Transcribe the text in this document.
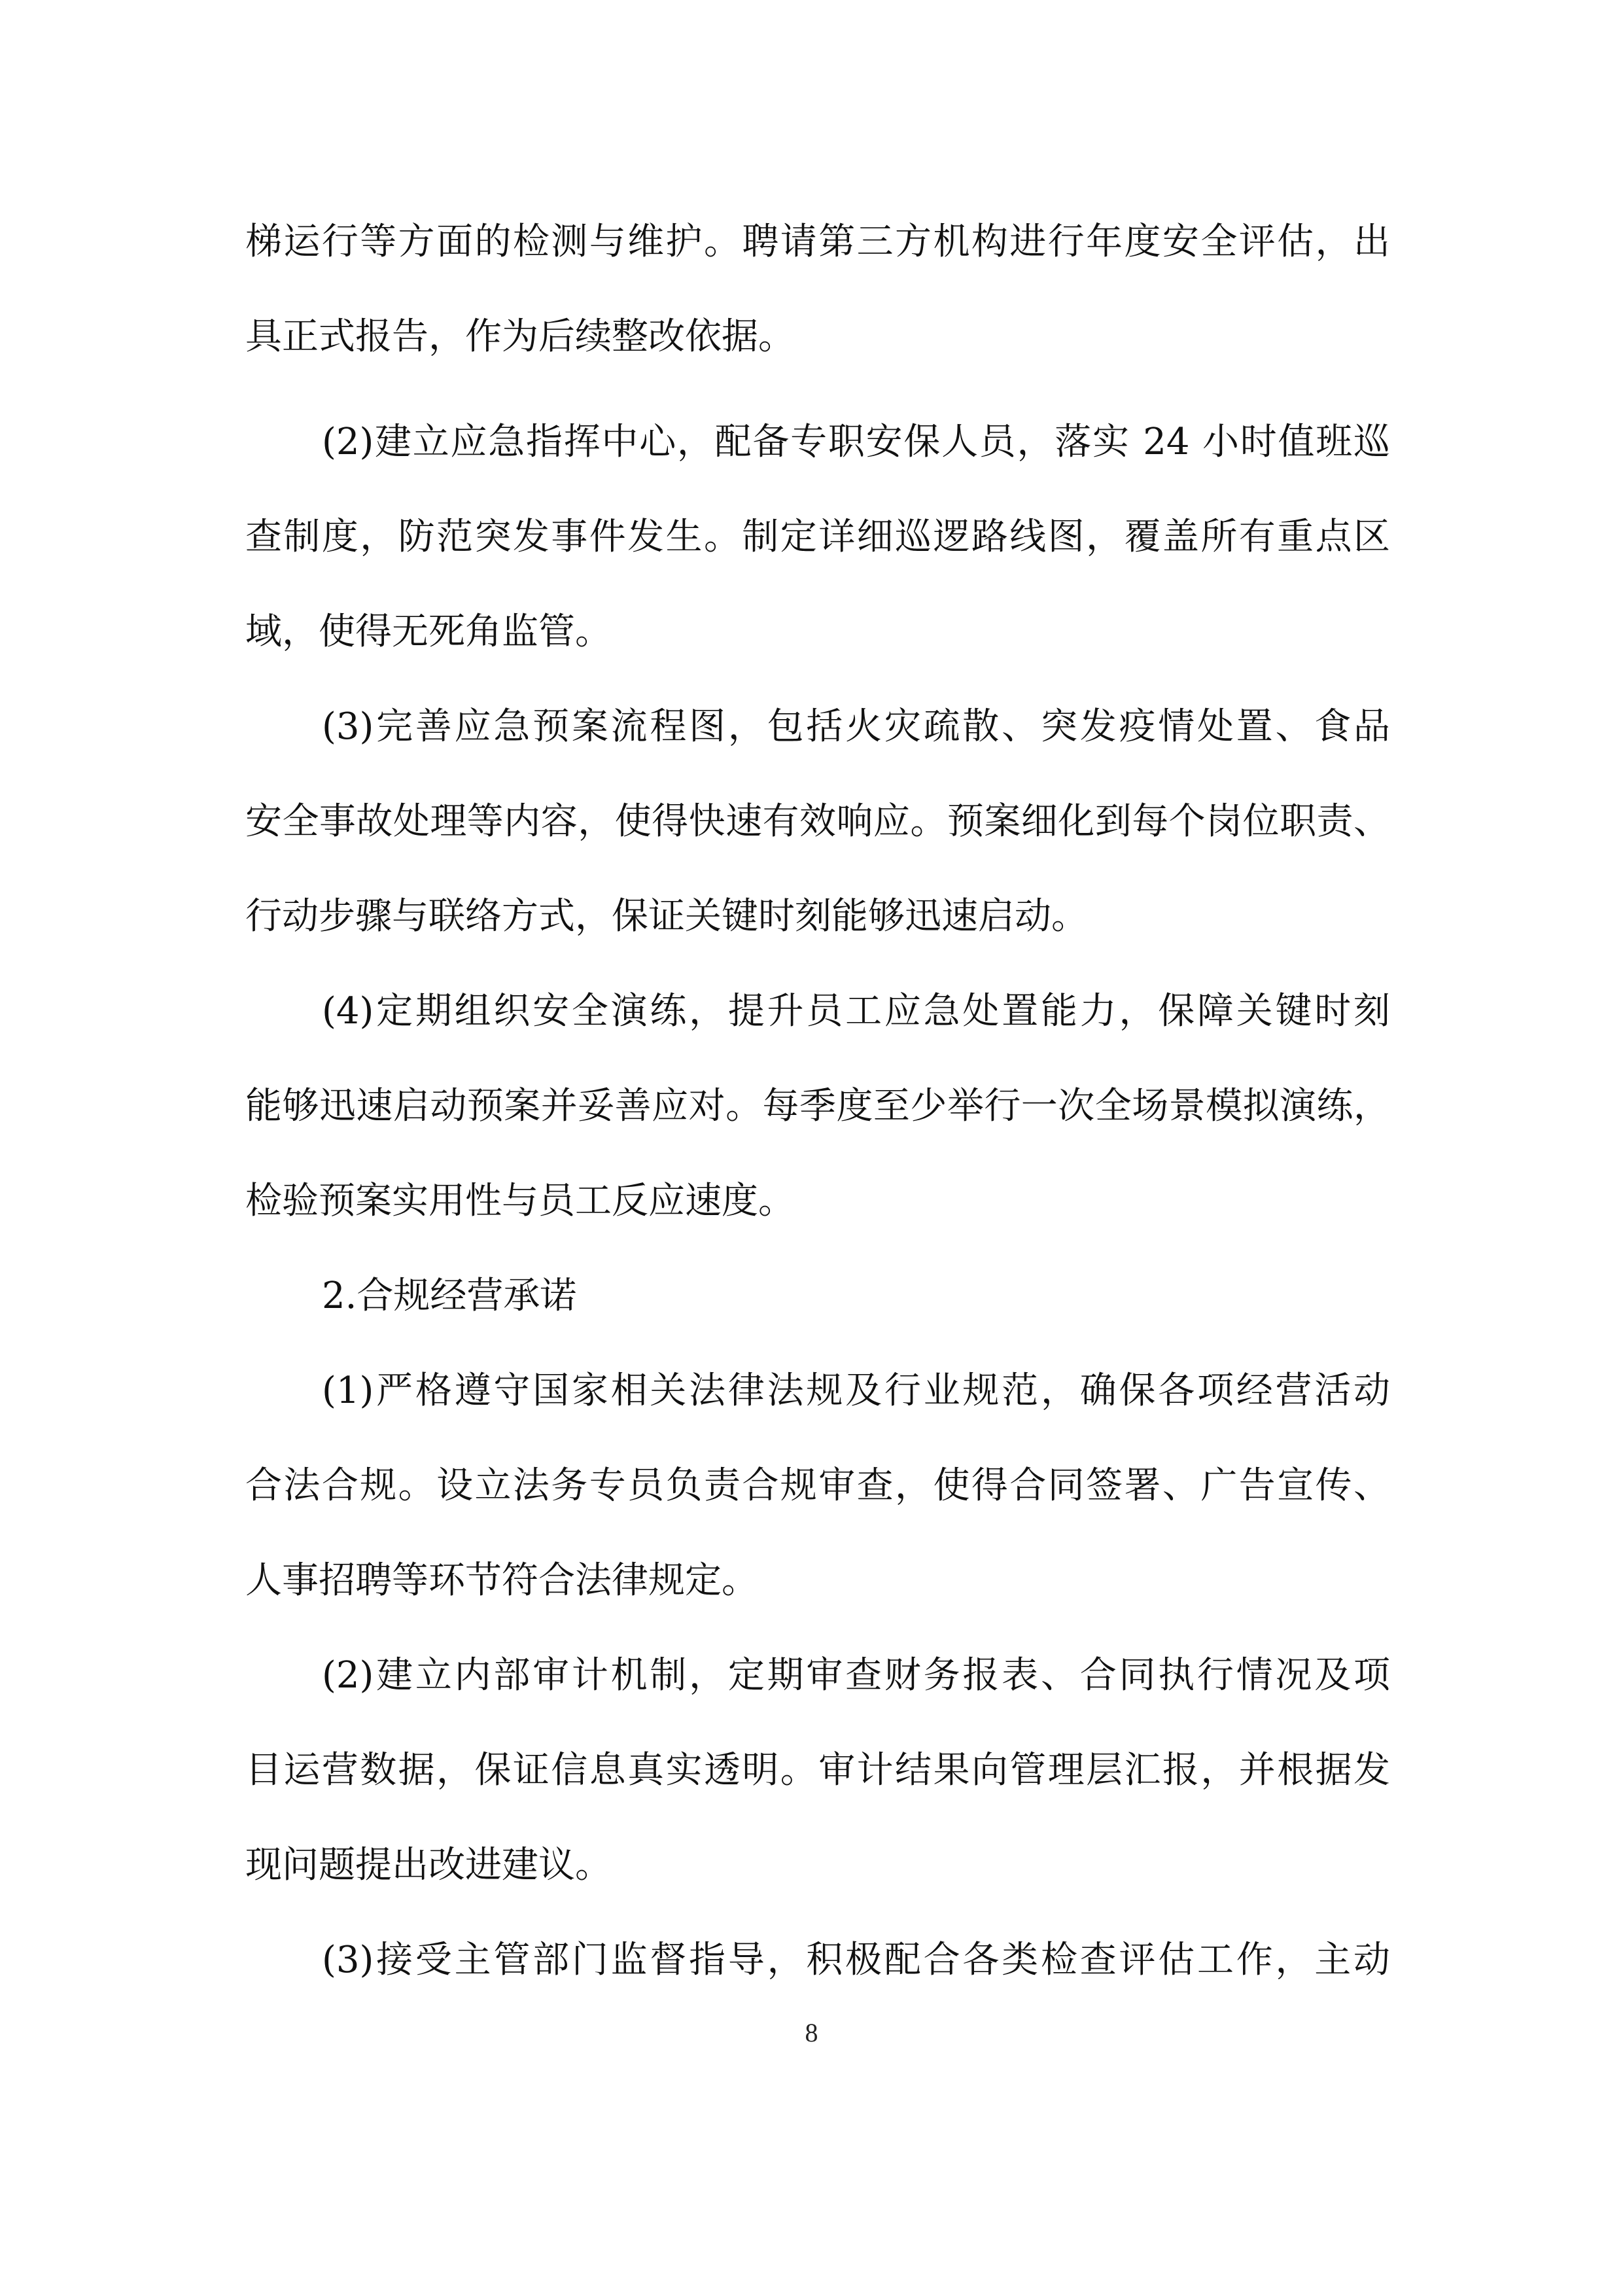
梯运行等方面的检测与维护。聘请第三方机构进行年度安全评估，出
具正式报告，作为后续整改依据。
(2)建立应急指挥中心，配备专职安保人员，落实 24 小时值班巡
查制度，防范突发事件发生。制定详细巡逻路线图，覆盖所有重点区
域，使得无死角监管。
(3)完善应急预案流程图，包括火灾疏散、突发疫情处置、食品
安全事故处理等内容，使得快速有效响应。预案细化到每个岗位职责、
行动步骤与联络方式，保证关键时刻能够迅速启动。
(4)定期组织安全演练，提升员工应急处置能力，保障关键时刻
能够迅速启动预案并妥善应对。每季度至少举行一次全场景模拟演练，
检验预案实用性与员工反应速度。
2.合规经营承诺
(1)严格遵守国家相关法律法规及行业规范，确保各项经营活动
合法合规。设立法务专员负责合规审查，使得合同签署、广告宣传、
人事招聘等环节符合法律规定。
(2)建立内部审计机制，定期审查财务报表、合同执行情况及项
目运营数据，保证信息真实透明。审计结果向管理层汇报，并根据发
现问题提出改进建议。
(3)接受主管部门监督指导，积极配合各类检查评估工作，主动
8
